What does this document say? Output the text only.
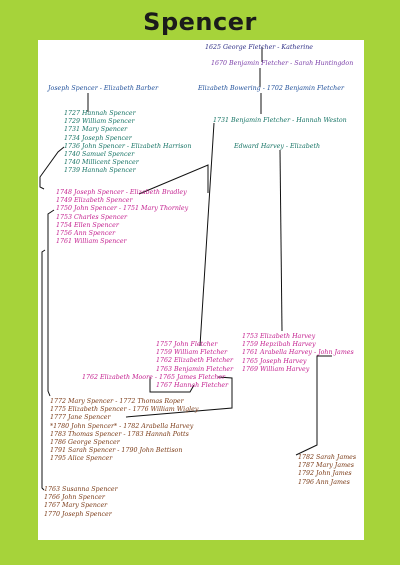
Spencer
1625 George Fletcher - Katherine
1670 Benjamin Fletcher - Sarah Huntingdon
Joseph Spencer - Elizabeth Barber	Elizabeth Bowering - 1702 Benjamin Fletcher
1727 Hannah Spencer
1729 William Spencer
1731 Mary Spencer
1734 Joseph Spencer
1736 John Spencer - Elizabeth Harrison
1740 Samuel Spencer
1740 Millicent Spencer
1739 Hannah Spencer
1731 Benjamin Fletcher - Hannah Weston
Edward Harvey - Elizabeth
1748 Joseph Spencer - Elizabeth Bradley
1749 Elizabeth Spencer
1750 John Spencer - 1751 Mary Thornley
1753 Charles Spencer
1754 Ellen Spencer
1756 Ann Spencer
1761 William Spencer
1753 Elizabeth Harvey
1759 Hepzibah Harvey
1761 Arabella Harvey - John James
1765 Joseph Harvey
1769 William Harvey
1757 John Fletcher
1759 William Fletcher
1762 Elizabeth Fletcher
1763 Benjamin Fletcher
1762 Elizabeth Moore - 1765 James Fletcher
1767 Hannah Fletcher
1772 Mary Spencer - 1772 Thomas Roper
1775 Elizabeth Spencer - 1776 William Wigley
1777 Jane Spencer
*1780 John Spencer* - 1782 Arabella Harvey
1783 Thomas Spencer - 1783 Hannah Potts
1786 George Spencer
1791 Sarah Spencer - 1790 John Bettison
1795 Alice Spencer	1782 Sarah James
1787 Mary James
1792 John James
1796 Ann James
1763 Susanna Spencer
1766 John Spencer
1767 Mary Spencer
1770 Joseph Spencer
